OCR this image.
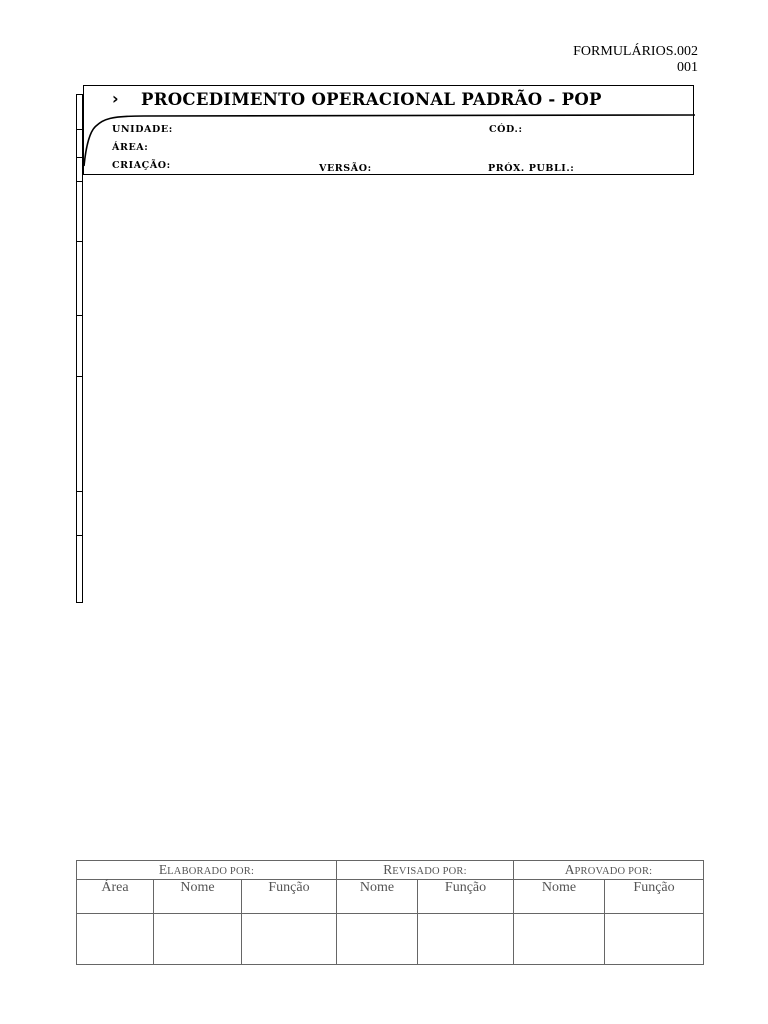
FORMULÁRIOS.002
001
› PROCEDIMENTO OPERACIONAL PADRÃO - POP
UNIDADE:	CÓD.:
ÁREA:
CRIAÇÃO:	VERSÃO:	PRÓX. PUBLI.:
ELABORADO POR:			REVISADO POR:		APROVADO POR:	
Área	Nome	Função	Nome	Função	Nome	Função
